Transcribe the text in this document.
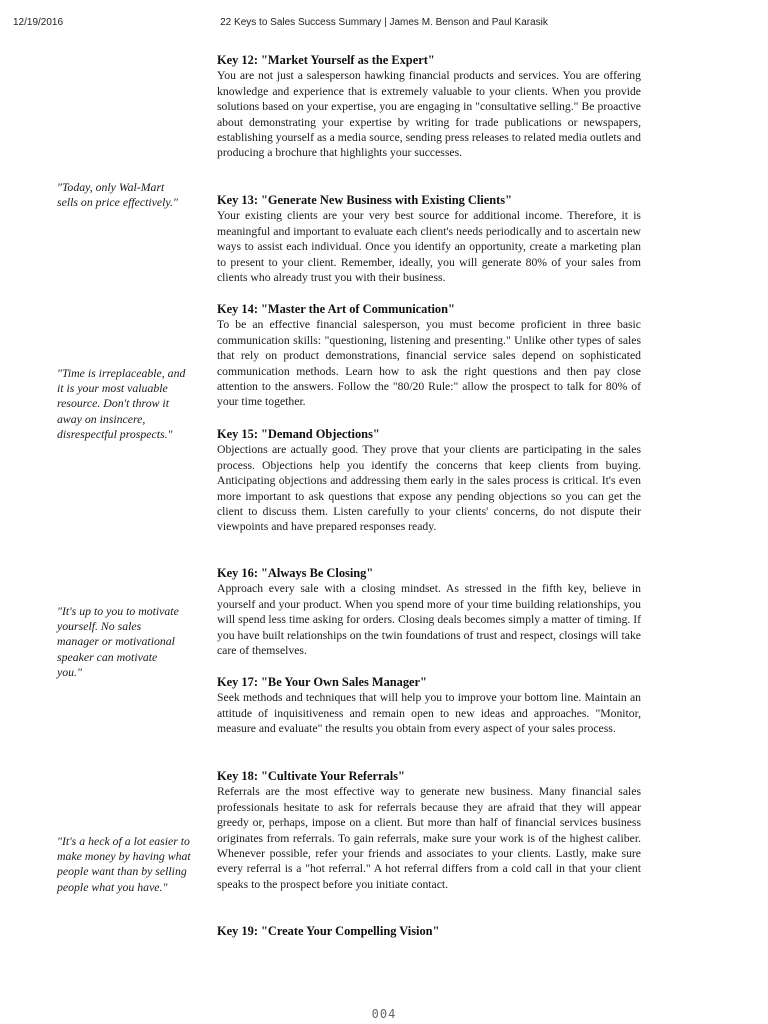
12/19/2016	22 Keys to Sales Success Summary | James M. Benson and Paul Karasik
Key 12: "Market Yourself as the Expert"

You are not just a salesperson hawking financial products and services. You are offering knowledge and experience that is extremely valuable to your clients. When you provide solutions based on your expertise, you are engaging in "consultative selling." Be proactive about demonstrating your expertise by writing for trade publications or newspapers, establishing yourself as a media source, sending press releases to related media outlets and producing a brochure that highlights your successes.

Key 13: "Generate New Business with Existing Clients"

Your existing clients are your very best source for additional income. Therefore, it is meaningful and important to evaluate each client's needs periodically and to ascertain new ways to assist each individual. Once you identify an opportunity, create a marketing plan to present to your client. Remember, ideally, you will generate 80% of your sales from clients who already trust you with their business.

Key 14: "Master the Art of Communication"

To be an effective financial salesperson, you must become proficient in three basic communication skills: "questioning, listening and presenting." Unlike other types of sales that rely on product demonstrations, financial service sales depend on sophisticated communication methods. Learn how to ask the right questions and then pay close attention to the answers. Follow the "80/20 Rule:" allow the prospect to talk for 80% of your time together.

Key 15: "Demand Objections"

Objections are actually good. They prove that your clients are participating in the sales process. Objections help you identify the concerns that keep clients from buying. Anticipating objections and addressing them early in the sales process is critical. It's even more important to ask questions that expose any pending objections so you can get the client to discuss them. Listen carefully to your clients' concerns, do not dispute their viewpoints and have prepared responses ready.

Key 16: "Always Be Closing"

Approach every sale with a closing mindset. As stressed in the fifth key, believe in yourself and your product. When you spend more of your time building relationships, you will spend less time asking for orders. Closing deals becomes simply a matter of timing. If you have built relationships on the twin foundations of trust and respect, closings will take care of themselves.

Key 17: "Be Your Own Sales Manager"

Seek methods and techniques that will help you to improve your bottom line. Maintain an attitude of inquisitiveness and remain open to new ideas and approaches. "Monitor, measure and evaluate" the results you obtain from every aspect of your sales process.

Key 18: "Cultivate Your Referrals"

Referrals are the most effective way to generate new business. Many financial sales professionals hesitate to ask for referrals because they are afraid that they will appear greedy or, perhaps, impose on a client. But more than half of financial services business originates from referrals. To gain referrals, make sure your work is of the highest caliber. Whenever possible, refer your friends and associates to your clients. Lastly, make sure every referral is a "hot referral." A hot referral differs from a cold call in that your client speaks to the prospect before you initiate contact.

Key 19: "Create Your Compelling Vision"

"Today, only Wal-Mart sells on price effectively."
"Time is irreplaceable, and it is your most valuable resource. Don't throw it away on insincere, disrespectful prospects."
"It's up to you to motivate yourself. No sales manager or motivational speaker can motivate you."
"It's a heck of a lot easier to make money by having what people want than by selling people what you have."
004
